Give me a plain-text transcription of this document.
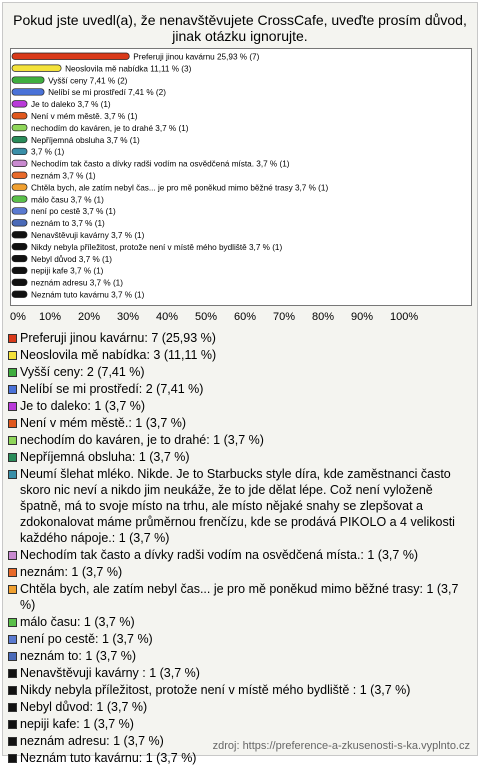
Pokud jste uvedl(a), že nenavštěvujete CrossCafe, uveďte prosím důvod, jinak otázku ignorujte.
Preferuji jinou kavárnu 25,93 % (7)
Neoslovila mě nabídka 11,11 % (3)
Vyšší ceny 7,41 % (2)
Nelíbí se mi prostředí 7,41 % (2)
Je to daleko 3,7 % (1)
Není v mém městě. 3,7 % (1)
nechodím do kaváren, je to drahé 3,7 % (1)
Nepříjemná obsluha 3,7 % (1)
3,7 % (1)
Nechodím tak často a dívky radši vodím na osvědčená místa. 3,7 % (1)
neznám 3,7 % (1)
Chtěla bych, ale zatím nebyl čas... je pro mě poněkud mimo běžné trasy 3,7 % (1)
málo času 3,7 % (1)
není po cestě 3,7 % (1)
neznám to 3,7 % (1)
Nenavštěvuji kavárny 3,7 % (1)
Nikdy nebyla příležitost, protože není v místě mého bydliště 3,7 % (1)
Nebyl důvod 3,7 % (1)
nepiji kafe 3,7 % (1)
neznám adresu 3,7 % (1)
Neznám tuto kavárnu 3,7 % (1)
0% 10% 20% 30% 40% 50% 60% 70% 80% 90% 100%
Preferuji jinou kavárnu: 7 (25,93 %)
Neoslovila mě nabídka: 3 (11,11 %)
Vyšší ceny: 2 (7,41 %)
Nelíbí se mi prostředí: 2 (7,41 %)
Je to daleko: 1 (3,7 %)
Není v mém městě.: 1 (3,7 %)
nechodím do kaváren, je to drahé: 1 (3,7 %)
Nepříjemná obsluha: 1 (3,7 %)
Neumí šlehat mléko. Nikde. Je to Starbucks style díra, kde zaměstnanci často skoro nic neví a nikdo jim neukáže, že to jde dělat lépe. Což není vyloženě špatně, má to svoje místo na trhu, ale místo nějaké snahy se zlepšovat a zdokonalovat máme průměrnou frenčízu, kde se prodává PIKOLO a 4 velikosti každého nápoje.: 1 (3,7 %)
Nechodím tak často a dívky radši vodím na osvědčená místa.: 1 (3,7 %)
neznám: 1 (3,7 %)
Chtěla bych, ale zatím nebyl čas... je pro mě poněkud mimo běžné trasy: 1 (3,7 %)
málo času: 1 (3,7 %)
není po cestě: 1 (3,7 %)
neznám to: 1 (3,7 %)
Nenavštěvuji kavárny : 1 (3,7 %)
Nikdy nebyla příležitost, protože není v místě mého bydliště : 1 (3,7 %)
Nebyl důvod: 1 (3,7 %)
nepiji kafe: 1 (3,7 %)
neznám adresu: 1 (3,7 %)
Neznám tuto kavárnu: 1 (3,7 %)
zdroj: https://preference-a-zkusenosti-s-ka.vyplnto.cz
